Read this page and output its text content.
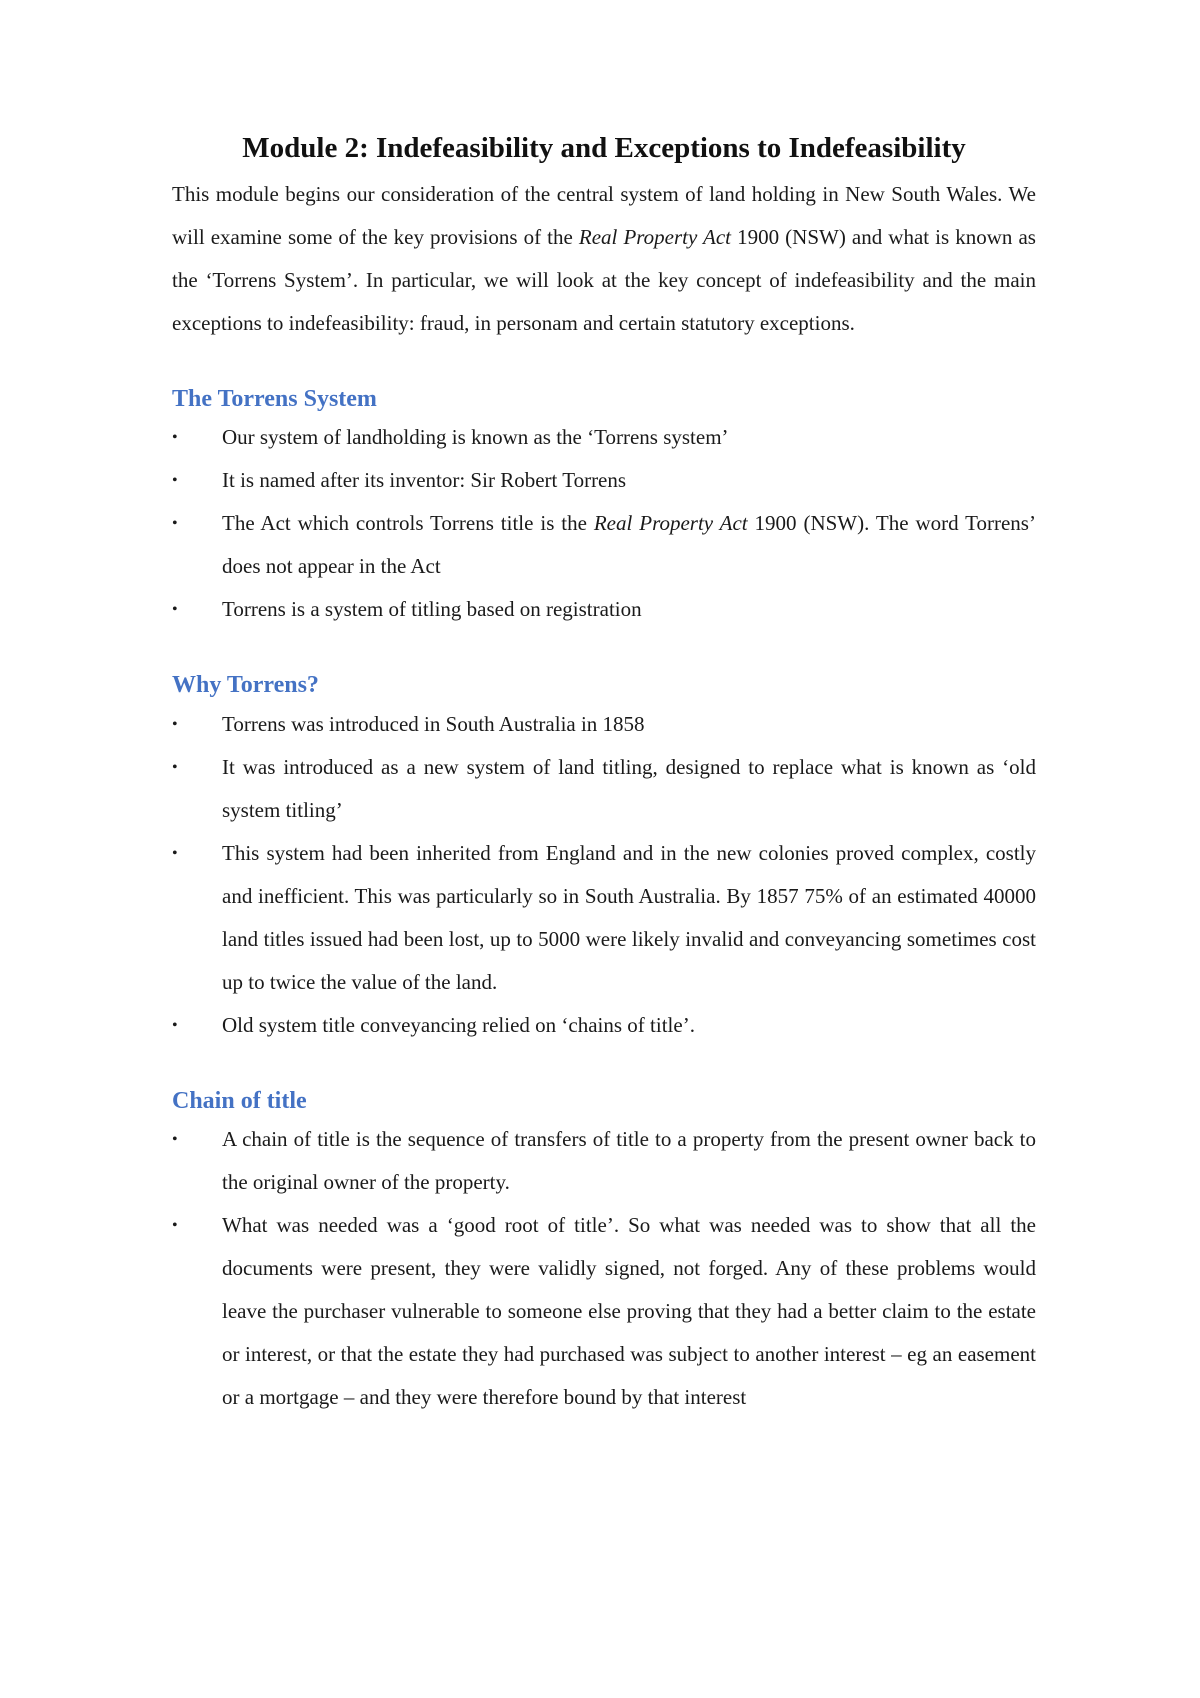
Module 2: Indefeasibility and Exceptions to Indefeasibility

This module begins our consideration of the central system of land holding in New South Wales. We will examine some of the key provisions of the Real Property Act 1900 (NSW) and what is known as the ‘Torrens System’. In particular, we will look at the key concept of indefeasibility and the main exceptions to indefeasibility: fraud, in personam and certain statutory exceptions.

The Torrens System
• Our system of landholding is known as the ‘Torrens system’
• It is named after its inventor: Sir Robert Torrens
• The Act which controls Torrens title is the Real Property Act 1900 (NSW). The word Torrens’ does not appear in the Act
• Torrens is a system of titling based on registration
Why Torrens?
• Torrens was introduced in South Australia in 1858
• It was introduced as a new system of land titling, designed to replace what is known as ‘old system titling’
• This system had been inherited from England and in the new colonies proved complex, costly and inefficient. This was particularly so in South Australia. By 1857 75% of an estimated 40000 land titles issued had been lost, up to 5000 were likely invalid and conveyancing sometimes cost up to twice the value of the land.
• Old system title conveyancing relied on ‘chains of title’.
Chain of title
• A chain of title is the sequence of transfers of title to a property from the present owner back to the original owner of the property.
• What was needed was a ‘good root of title’. So what was needed was to show that all the documents were present, they were validly signed, not forged. Any of these problems would leave the purchaser vulnerable to someone else proving that they had a better claim to the estate or interest, or that the estate they had purchased was subject to another interest – eg an easement or a mortgage – and they were therefore bound by that interest
